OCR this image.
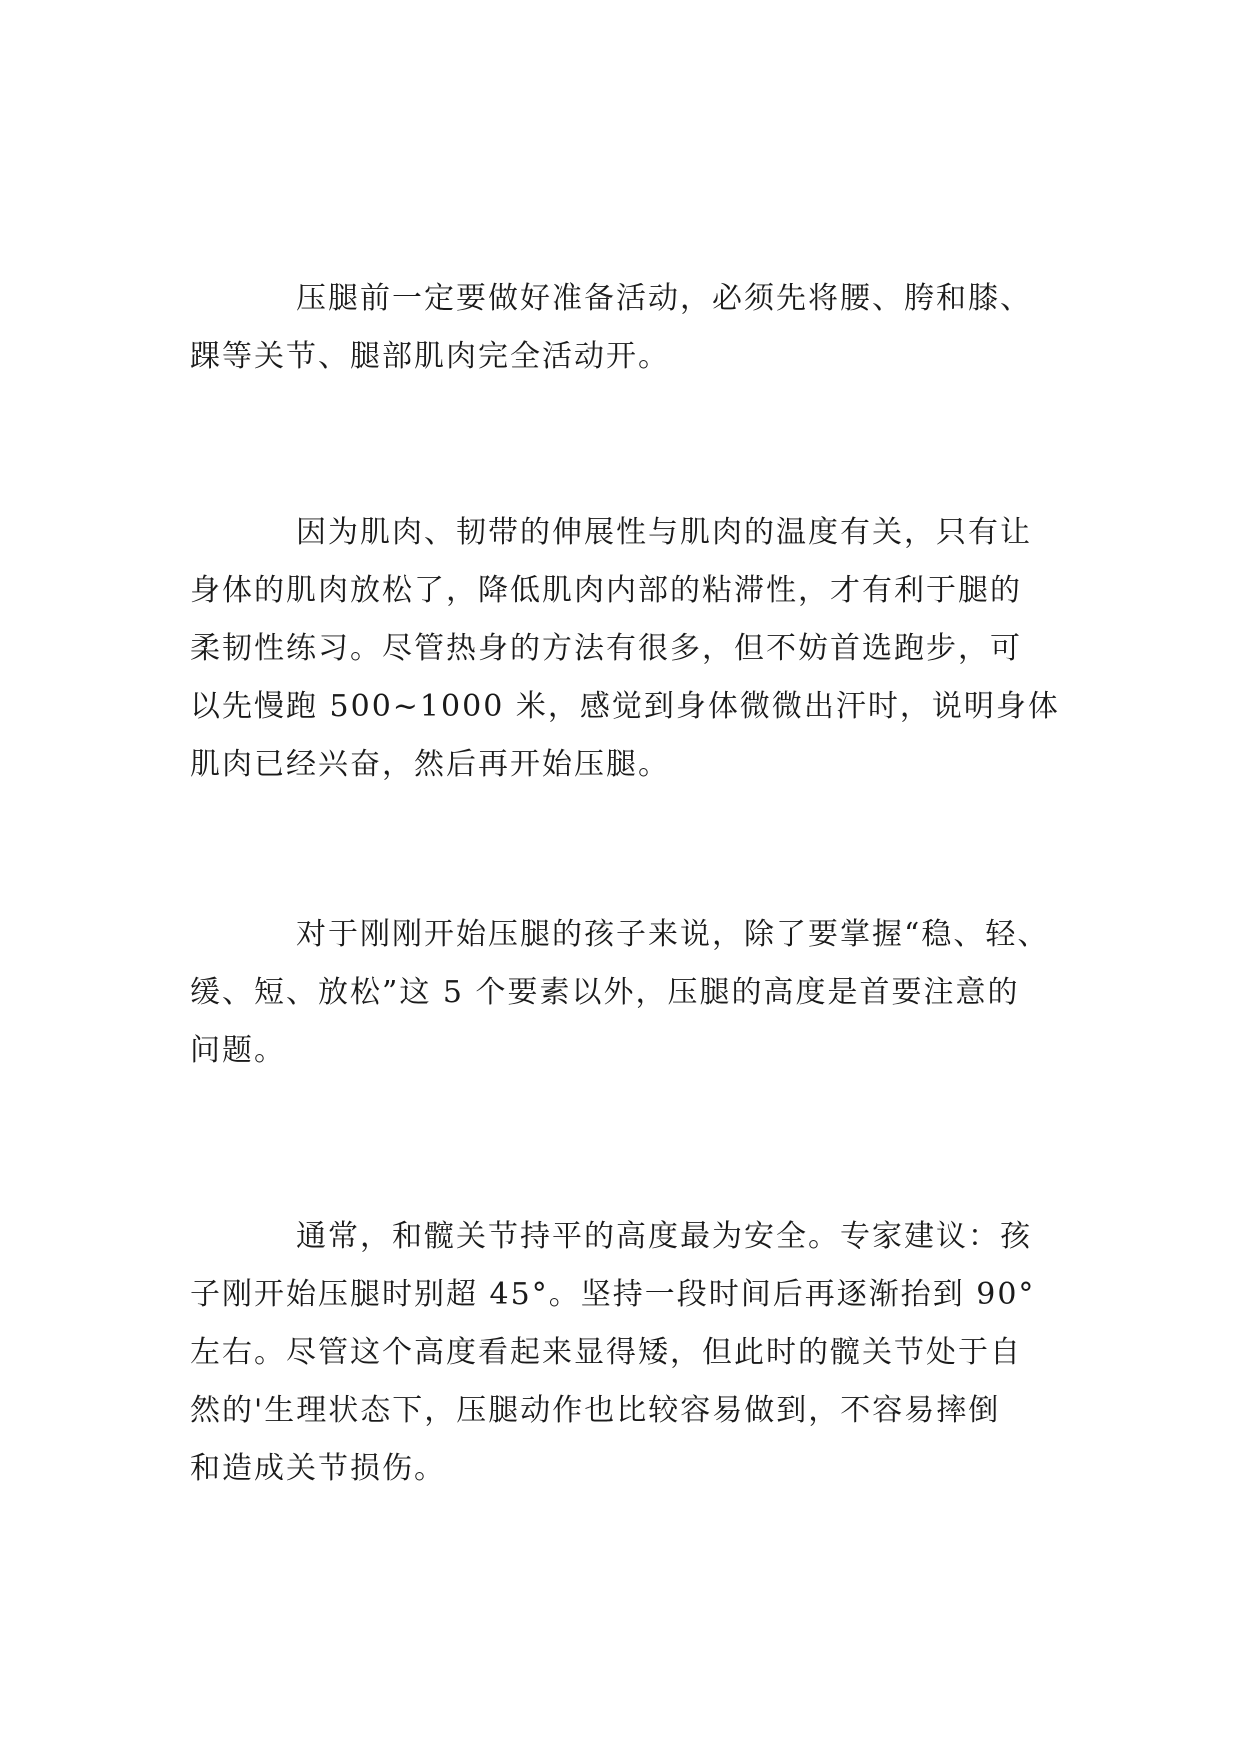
压腿前一定要做好准备活动，必须先将腰、胯和膝、
踝等关节、腿部肌肉完全活动开。

因为肌肉、韧带的伸展性与肌肉的温度有关，只有让
身体的肌肉放松了，降低肌肉内部的粘滞性，才有利于腿的
柔韧性练习。尽管热身的方法有很多，但不妨首选跑步，可
以先慢跑 500~1000 米，感觉到身体微微出汗时，说明身体
肌肉已经兴奋，然后再开始压腿。

对于刚刚开始压腿的孩子来说，除了要掌握“稳、轻、
缓、短、放松”这 5 个要素以外，压腿的高度是首要注意的
问题。

通常，和髋关节持平的高度最为安全。专家建议：孩
子刚开始压腿时别超 45°。坚持一段时间后再逐渐抬到 90°
左右。尽管这个高度看起来显得矮，但此时的髋关节处于自
然的'生理状态下，压腿动作也比较容易做到，不容易摔倒
和造成关节损伤。
